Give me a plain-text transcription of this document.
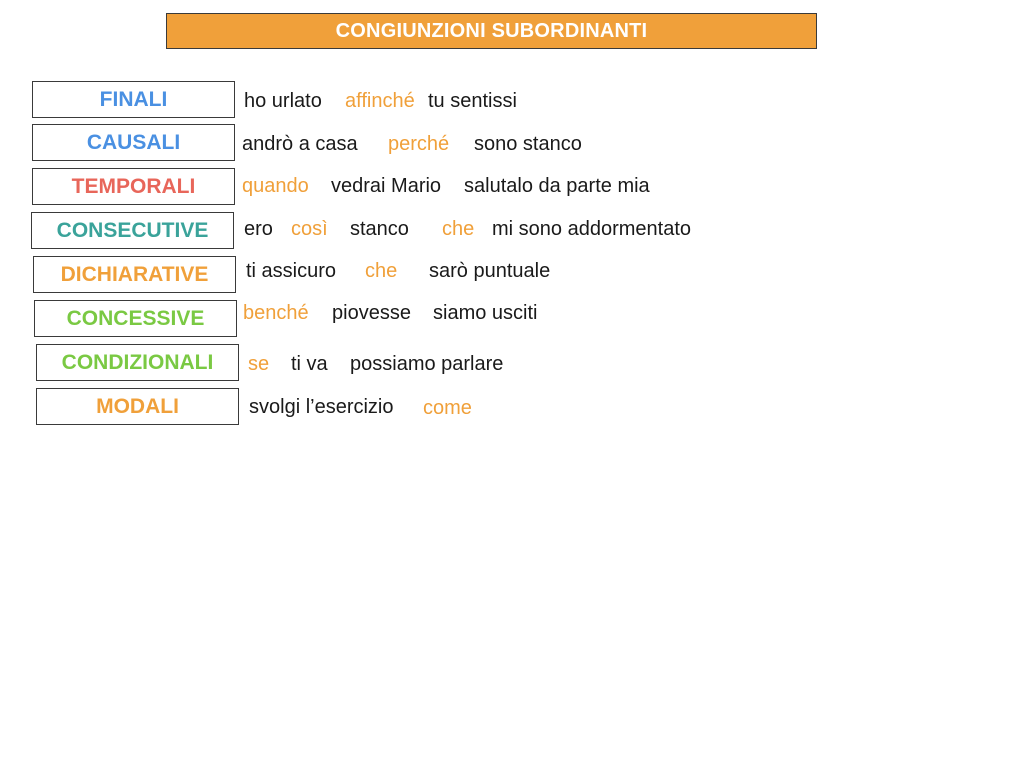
CONGIUNZIONI SUBORDINANTI
FINALI	ho urlato affinché tu sentissi
CAUSALI	andrò a casa perché sono stanco
TEMPORALI	quando vedrai Mario salutalo da parte mia
CONSECUTIVE	ero così stanco che mi sono addormentato
DICHIARATIVE	ti assicuro che sarò puntuale
CONCESSIVE	benché piovesse siamo usciti
CONDIZIONALI	se ti va possiamo parlare
MODALI	svolgi l’esercizio come
